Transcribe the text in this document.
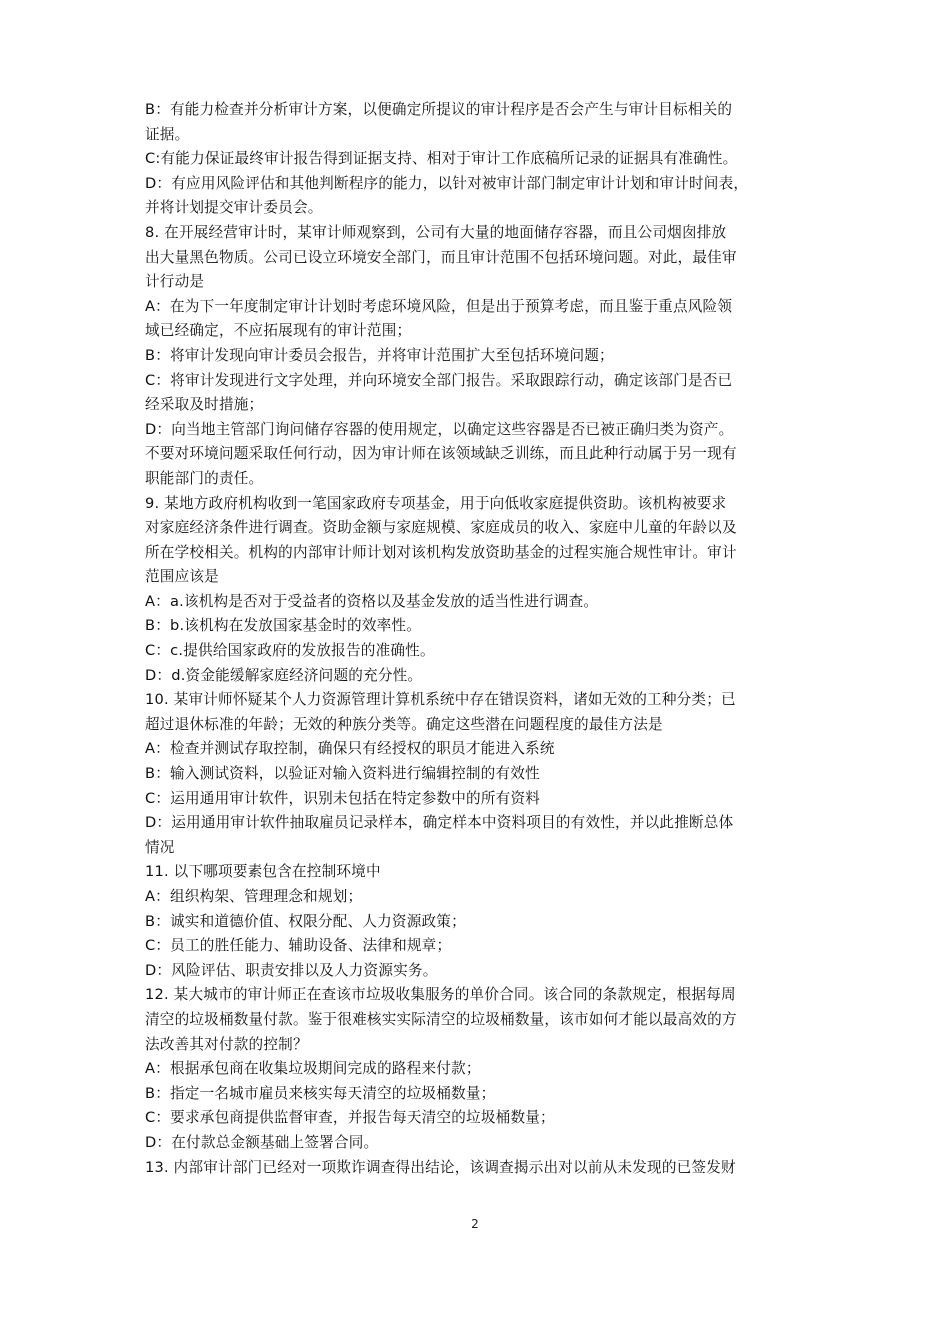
B：有能力检查并分析审计方案，以便确定所提议的审计程序是否会产生与审计目标相关的
证据。
C:有能力保证最终审计报告得到证据支持、相对于审计工作底稿所记录的证据具有准确性。
D：有应用风险评估和其他判断程序的能力，以针对被审计部门制定审计计划和审计时间表，
并将计划提交审计委员会。
8. 在开展经营审计时，某审计师观察到，公司有大量的地面储存容器，而且公司烟囱排放
出大量黑色物质。公司已设立环境安全部门，而且审计范围不包括环境问题。对此，最佳审
计行动是
A：在为下一年度制定审计计划时考虑环境风险，但是出于预算考虑，而且鉴于重点风险领
域已经确定，不应拓展现有的审计范围；
B：将审计发现向审计委员会报告，并将审计范围扩大至包括环境问题；
C：将审计发现进行文字处理，并向环境安全部门报告。采取跟踪行动，确定该部门是否已
经采取及时措施；
D：向当地主管部门询问储存容器的使用规定，以确定这些容器是否已被正确归类为资产。
不要对环境问题采取任何行动，因为审计师在该领域缺乏训练，而且此种行动属于另一现有
职能部门的责任。
9. 某地方政府机构收到一笔国家政府专项基金，用于向低收家庭提供资助。该机构被要求
对家庭经济条件进行调查。资助金额与家庭规模、家庭成员的收入、家庭中儿童的年龄以及
所在学校相关。机构的内部审计师计划对该机构发放资助基金的过程实施合规性审计。审计
范围应该是
A：a.该机构是否对于受益者的资格以及基金发放的适当性进行调查。
B：b.该机构在发放国家基金时的效率性。
C：c.提供给国家政府的发放报告的准确性。
D：d.资金能缓解家庭经济问题的充分性。
10. 某审计师怀疑某个人力资源管理计算机系统中存在错误资料，诸如无效的工种分类；已
超过退休标准的年龄；无效的种族分类等。确定这些潜在问题程度的最佳方法是
A：检查并测试存取控制，确保只有经授权的职员才能进入系统
B：输入测试资料，以验证对输入资料进行编辑控制的有效性
C：运用通用审计软件，识别未包括在特定参数中的所有资料
D：运用通用审计软件抽取雇员记录样本，确定样本中资料项目的有效性，并以此推断总体
情况
11. 以下哪项要素包含在控制环境中
A：组织构架、管理理念和规划；
B：诚实和道德价值、权限分配、人力资源政策；
C：员工的胜任能力、辅助设备、法律和规章；
D：风险评估、职责安排以及人力资源实务。
12. 某大城市的审计师正在查该市垃圾收集服务的单价合同。该合同的条款规定，根据每周
清空的垃圾桶数量付款。鉴于很难核实实际清空的垃圾桶数量，该市如何才能以最高效的方
法改善其对付款的控制？
A：根据承包商在收集垃圾期间完成的路程来付款；
B：指定一名城市雇员来核实每天清空的垃圾桶数量；
C：要求承包商提供监督审查，并报告每天清空的垃圾桶数量；
D：在付款总金额基础上签署合同。
13. 内部审计部门已经对一项欺诈调查得出结论，该调查揭示出对以前从未发现的已签发财
2
